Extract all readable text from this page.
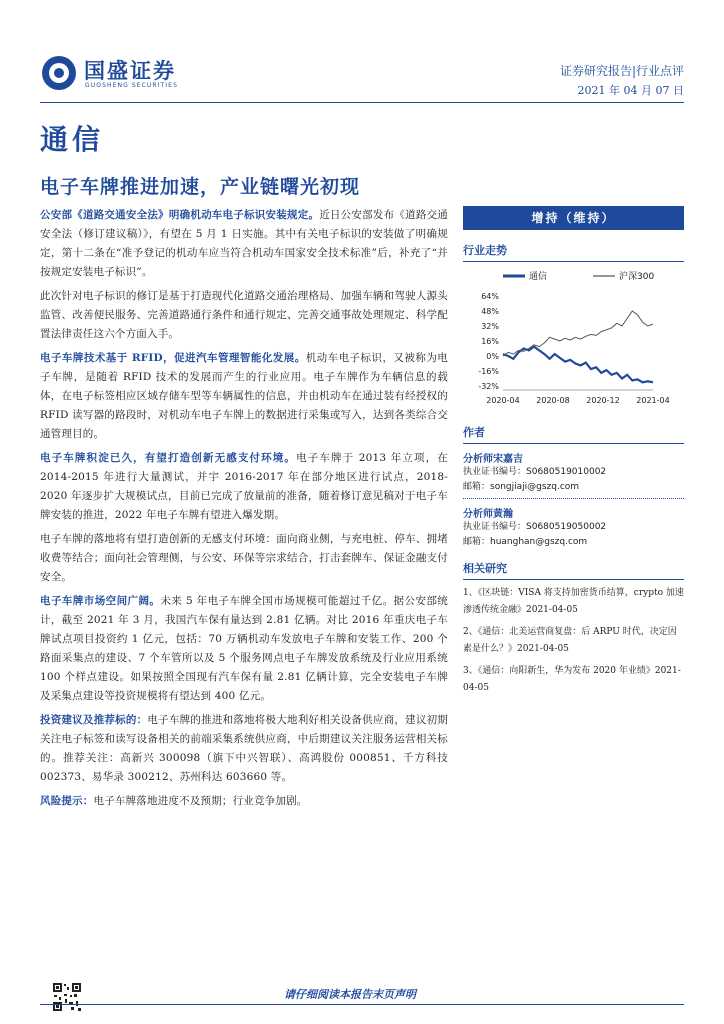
国盛证券
GUOSHENG SECURITIES
证券研究报告|行业点评
2021 年 04 月 07 日
通信
电子车牌推进加速，产业链曙光初现

公安部《道路交通安全法》明确机动车电子标识安装规定。近日公安部发布《道路交通安全法（修订建议稿）》，有望在 5 月 1 日实施。其中有关电子标识的安装做了明确规定，第十二条在“准予登记的机动车应当符合机动车国家安全技术标准”后，补充了“并按规定安装电子标识”。

此次针对电子标识的修订是基于打造现代化道路交通治理格局、加强车辆和驾驶人源头监管、改善便民服务、完善道路通行条件和通行规定、完善交通事故处理规定、科学配置法律责任这六个方面入手。

电子车牌技术基于 RFID，促进汽车管理智能化发展。机动车电子标识，又被称为电子车牌，是随着 RFID 技术的发展而产生的行业应用。电子车牌作为车辆信息的载体，在电子标签相应区域存储车型等车辆属性的信息，并由机动车在通过装有经授权的 RFID 读写器的路段时，对机动车电子车牌上的数据进行采集或写入，达到各类综合交通管理目的。

电子车牌积淀已久，有望打造创新无感支付环境。电子车牌于 2013 年立项，在 2014-2015 年进行大量测试，并宇 2016-2017 年在部分地区进行试点，2018-2020 年逐步扩大规模试点，目前已完成了放量前的准备，随着修订意见稿对于电子车牌安装的推进，2022 年电子车牌有望进入爆发期。

电子车牌的落地将有望打造创新的无感支付环境：面向商业侧，与充电桩、停车、拥堵收费等结合；面向社会管理侧，与公安、环保等宗求结合，打击套牌车、保证金融支付安全。

电子车牌市场空间广阔。未来 5 年电子车牌全国市场规模可能超过千亿。据公安部统计，截至 2021 年 3 月，我国汽车保有量达到 2.81 亿辆。对比 2016 年重庆电子车牌试点项目投资约 1 亿元，包括：70 万辆机动车发放电子车牌和安装工作、200 个路面采集点的建设、7 个车管所以及 5 个服务网点电子车牌发放系统及行业应用系统 100 个样点建设。如果按照全国现有汽车保有量 2.81 亿辆计算，完全安装电子车牌及采集点建设等投资规模将有望达到 400 亿元。

投资建议及推荐标的：电子车牌的推进和落地将极大地利好相关设备供应商，建议初期关注电子标签和读写设备相关的前端采集系统供应商，中后期建议关注服务运营相关标的。推荐关注：高新兴 300098（旗下中兴智联）、高鸿股份 000851、千方科技 002373、易华录 300212、苏州科达 603660 等。

风险提示：电子车牌落地进度不及预期；行业竞争加剧。

增持（维持）
行业走势
通信	沪深300
64%
48%
32%
16%
0%
-16%
-32%
2020-04 2020-08 2020-12 2021-04
作者
分析师宋嘉吉
执业证书编号：S0680519010002
邮箱：songjiaji@gszq.com
分析师黄瀚
执业证书编号：S0680519050002
邮箱：huanghan@gszq.com
相关研究
1、《区块链：VISA 将支持加密货币结算，crypto 加速渗透传统金融》2021-04-05
2、《通信：北美运营商复盘：后 ARPU 时代，决定因素是什么？》2021-04-05
3、《通信：向阳新生，华为发布 2020 年业绩》2021-04-05
请仔细阅读本报告末页声明
